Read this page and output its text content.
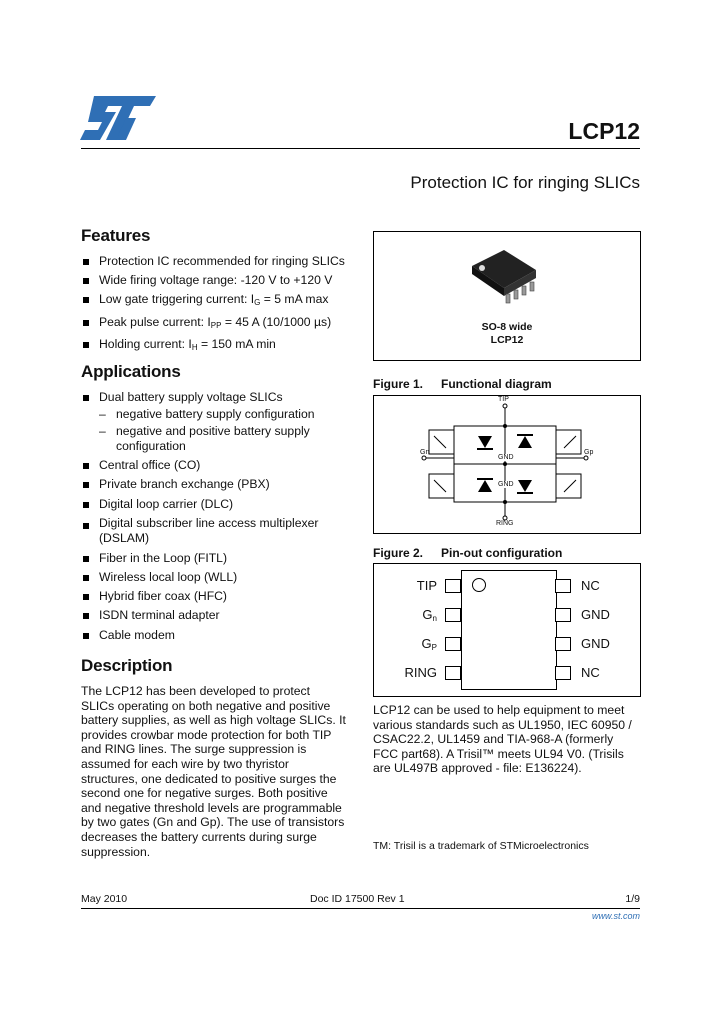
LCP12
Protection IC for ringing SLICs
Features
Protection IC recommended for ringing SLICs
Wide firing voltage range: -120 V to +120 V
Low gate triggering current: $I_G = 5$ mA max
Peak pulse current: $I_{PP} = 45$ A (10/1000 µs)
Holding current: $I_H = 150$ mA min
Applications
Dual battery supply voltage SLICs
– negative battery supply configuration
– negative and positive battery supply configuration
Central office (CO)
Private branch exchange (PBX)
Digital loop carrier (DLC)
Digital subscriber line access multiplexer (DSLAM)
Fiber in the Loop (FITL)
Wireless local loop (WLL)
Hybrid fiber coax (HFC)
ISDN terminal adapter
Cable modem
Description
The LCP12 has been developed to protect SLICs operating on both negative and positive battery supplies, as well as high voltage SLICs. It provides crowbar mode protection for both TIP and RING lines. The surge suppression is assumed for each wire by two thyristor structures, one dedicated to positive surges the second one for negative surges. Both positive and negative threshold levels are programmable by two gates (Gn and Gp). The use of transistors decreases the battery currents during surge suppression.
SO-8 wide
LCP12
Figure 1. Functional diagram
TIP
RING
Gn	Gp
GND
GND
Figure 2. Pin-out configuration
TIP
$G_n$
$G_P$
RING
NC
GND
GND
NC
LCP12 can be used to help equipment to meet various standards such as UL1950, IEC 60950 / CSAC22.2, UL1459 and TIA-968-A (formerly FCC part68). A Trisil™ meets UL94 V0. (Trisils are UL497B approved - file: E136224).
TM: Trisil is a trademark of STMicroelectronics
May 2010	Doc ID 17500 Rev 1	1/9
www.st.com
